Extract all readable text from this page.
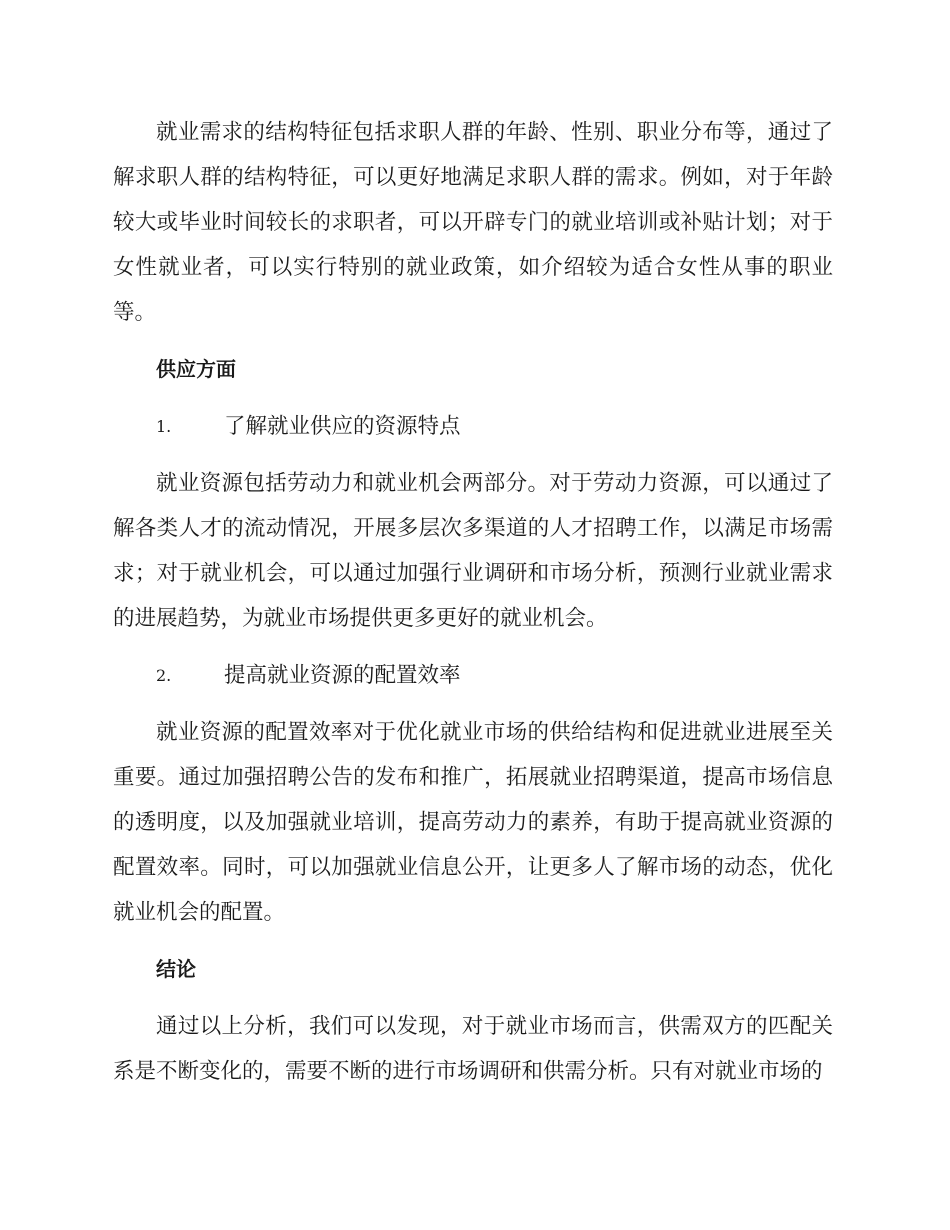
就业需求的结构特征包括求职人群的年龄、性别、职业分布等，通过了解求职人群的结构特征，可以更好地满足求职人群的需求。例如，对于年龄较大或毕业时间较长的求职者，可以开辟专门的就业培训或补贴计划；对于女性就业者，可以实行特别的就业政策，如介绍较为适合女性从事的职业等。

供应方面
1.	了解就业供应的资源特点

就业资源包括劳动力和就业机会两部分。对于劳动力资源，可以通过了解各类人才的流动情况，开展多层次多渠道的人才招聘工作，以满足市场需求；对于就业机会，可以通过加强行业调研和市场分析，预测行业就业需求的进展趋势，为就业市场提供更多更好的就业机会。

2.	提高就业资源的配置效率

就业资源的配置效率对于优化就业市场的供给结构和促进就业进展至关重要。通过加强招聘公告的发布和推广，拓展就业招聘渠道，提高市场信息的透明度，以及加强就业培训，提高劳动力的素养，有助于提高就业资源的配置效率。同时，可以加强就业信息公开，让更多人了解市场的动态，优化就业机会的配置。

结论

通过以上分析，我们可以发现，对于就业市场而言，供需双方的匹配关系是不断变化的，需要不断的进行市场调研和供需分析。只有对就业市场的
